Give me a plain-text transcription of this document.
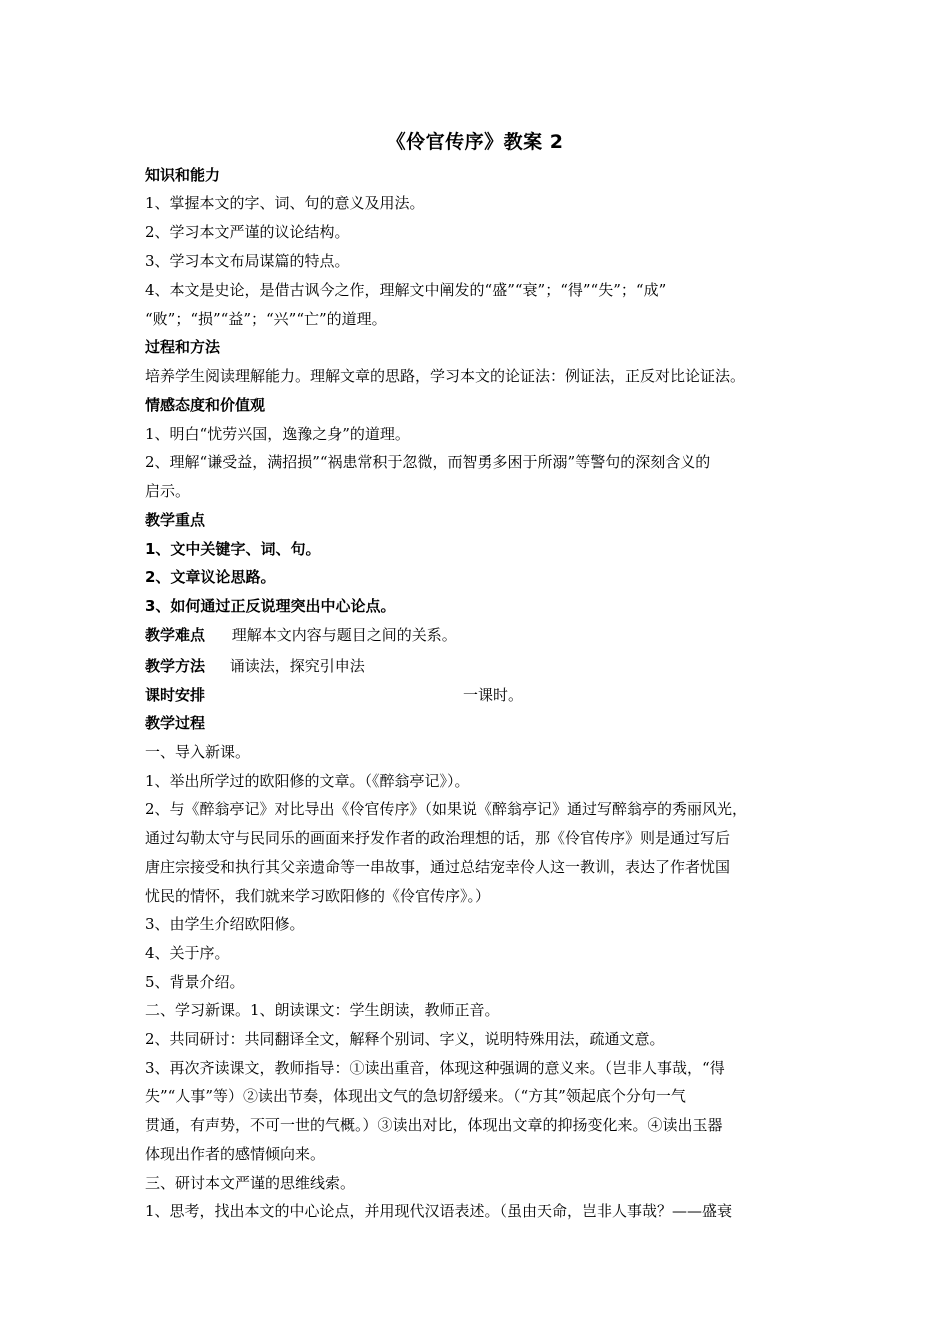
《伶官传序》教案 2
知识和能力
1、掌握本文的字、词、句的意义及用法。
2、学习本文严谨的议论结构。
3、学习本文布局谋篇的特点。
4、本文是史论，是借古讽今之作，理解文中阐发的“盛”“衰”；“得”“失”；“成”
“败”；“损”“益”；“兴”“亡”的道理。
过程和方法
培养学生阅读理解能力。理解文章的思路，学习本文的论证法：例证法，正反对比论证法。
情感态度和价值观
1、明白“忧劳兴国，逸豫之身”的道理。
2、理解“谦受益，满招损”“祸患常积于忽微，而智勇多困于所溺”等警句的深刻含义的
启示。
教学重点
1、文中关键字、词、句。
2、文章议论思路。
3、如何通过正反说理突出中心论点。
教学难点 理解本文内容与题目之间的关系。
教学方法 诵读法，探究引申法
课时安排	一课时。
教学过程
一、导入新课。
1、举出所学过的欧阳修的文章。（《醉翁亭记》）。
2、与《醉翁亭记》对比导出《伶官传序》（如果说《醉翁亭记》通过写醉翁亭的秀丽风光，
通过勾勒太守与民同乐的画面来抒发作者的政治理想的话，那《伶官传序》则是通过写后
唐庄宗接受和执行其父亲遗命等一串故事，通过总结宠幸伶人这一教训，表达了作者忧国
忧民的情怀，我们就来学习欧阳修的《伶官传序》。）
3、由学生介绍欧阳修。
4、关于序。
5、背景介绍。
二、学习新课。1、朗读课文：学生朗读，教师正音。
2、共同研讨：共同翻译全文，解释个别词、字义，说明特殊用法，疏通文意。
3、再次齐读课文，教师指导：①读出重音，体现这种强调的意义来。（岂非人事哉，“得
失”“人事”等）②读出节奏，体现出文气的急切舒缓来。（“方其”领起底个分句一气
贯通，有声势，不可一世的气概。）③读出对比，体现出文章的抑扬变化来。④读出玉器
体现出作者的感情倾向来。
三、研讨本文严谨的思维线索。
1、思考，找出本文的中心论点，并用现代汉语表述。（虽由天命，岂非人事哉？——盛衰
